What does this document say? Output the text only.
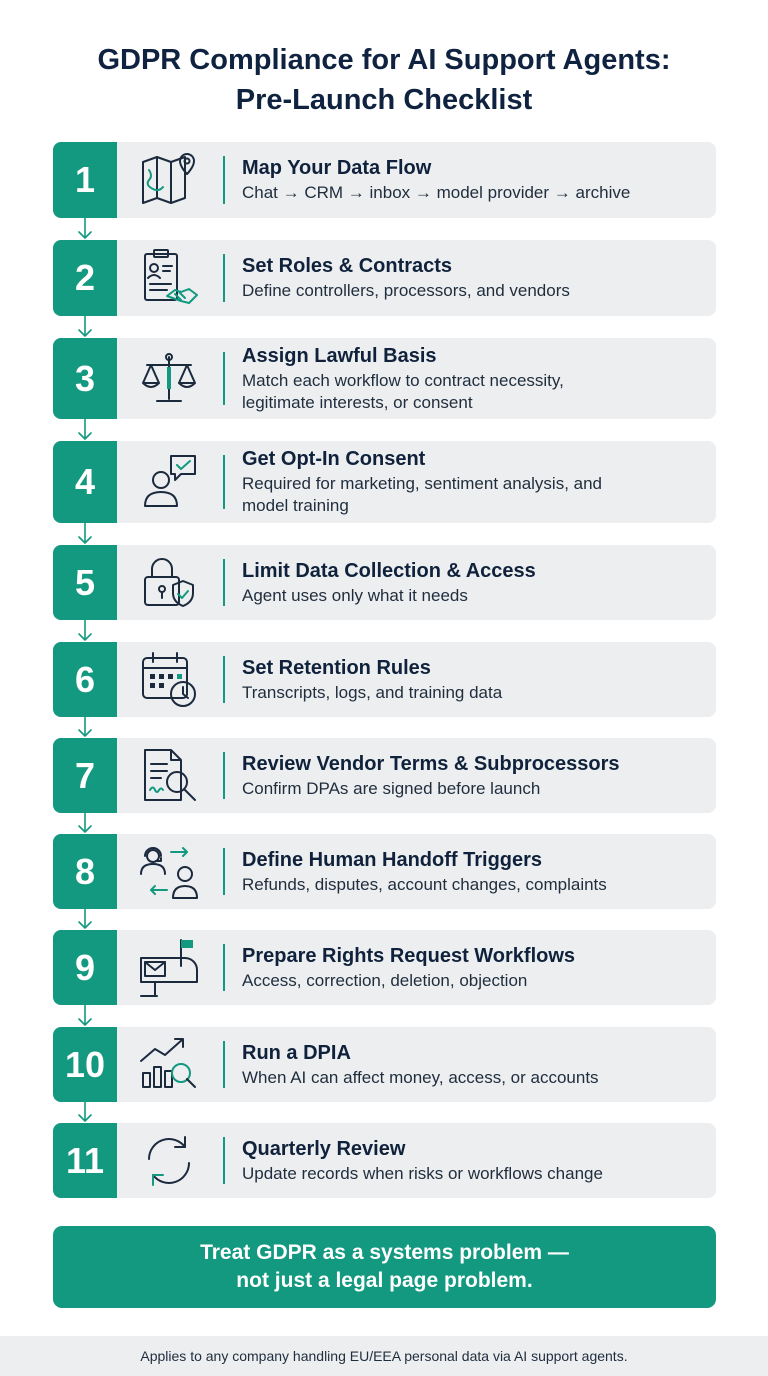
GDPR Compliance for AI Support Agents:
Pre-Launch Checklist
1	Map Your Data Flow
Chat → CRM → inbox → model provider → archive
2	Set Roles & Contracts
Define controllers, processors, and vendors
3
Assign Lawful Basis
Match each workflow to contract necessity,
legitimate interests, or consent
4
Get Opt-In Consent
Required for marketing, sentiment analysis, and
model training
5	Limit Data Collection & Access
Agent uses only what it needs
6	Set Retention Rules
Transcripts, logs, and training data
7	Review Vendor Terms & Subprocessors
Confirm DPAs are signed before launch
8	Define Human Handoff Triggers
Refunds, disputes, account changes, complaints
9	Prepare Rights Request Workflows
Access, correction, deletion, objection
10	Run a DPIA
When AI can affect money, access, or accounts
11	Quarterly Review
Update records when risks or workflows change
Treat GDPR as a systems problem —
not just a legal page problem.
Applies to any company handling EU/EEA personal data via AI support agents.
